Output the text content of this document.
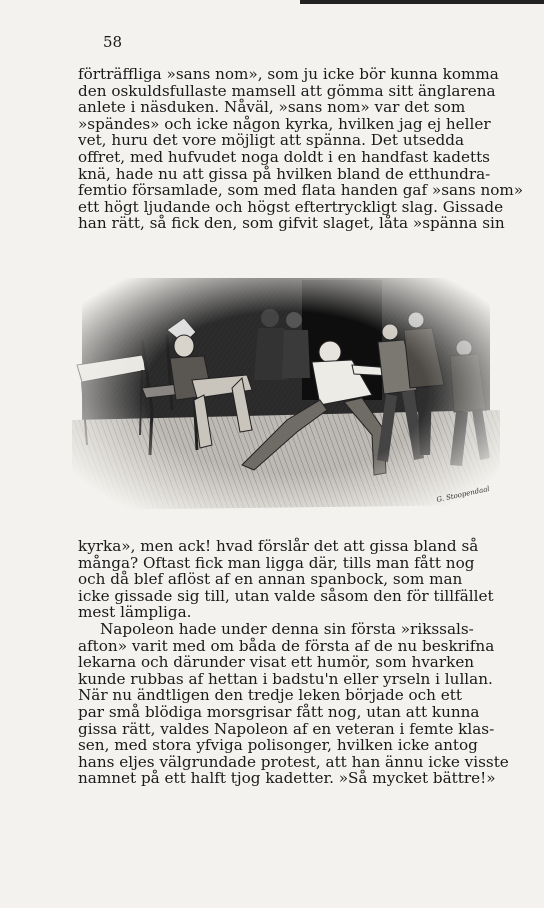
58

förträffliga »sans nom», som ju icke bör kunna komma
den oskuldsfullaste mamsell att gömma sitt änglarena
anlete i näsduken. Nåväl, »sans nom» var det som
»spändes» och icke någon kyrka, hvilken jag ej heller
vet, huru det vore möjligt att spänna. Det utsedda
offret, med hufvudet noga doldt i en handfast kadetts
knä, hade nu att gissa på hvilken bland de etthundra-
femtio församlade, som med flata handen gaf »sans nom»
ett högt ljudande och högst eftertryckligt slag. Gissade
han rätt, så fick den, som gifvit slaget, låta »spänna sin

G. Stoopendaal

kyrka», men ack! hvad förslår det att gissa bland så
många? Oftast fick man ligga där, tills man fått nog
och då blef aflöst af en annan spanbock, som man
icke gissade sig till, utan valde såsom den för tillfället
mest lämpliga.

Napoleon hade under denna sin första »rikssals-
afton» varit med om båda de första af de nu beskrifna
lekarna och därunder visat ett humör, som hvarken
kunde rubbas af hettan i badstu'n eller yrseln i lullan.
När nu ändtligen den tredje leken började och ett
par små blödiga morsgrisar fått nog, utan att kunna
gissa rätt, valdes Napoleon af en veteran i femte klas-
sen, med stora yfviga polisonger, hvilken icke antog
hans eljes välgrundade protest, att han ännu icke visste
namnet på ett halft tjog kadetter. »Så mycket bättre!»
